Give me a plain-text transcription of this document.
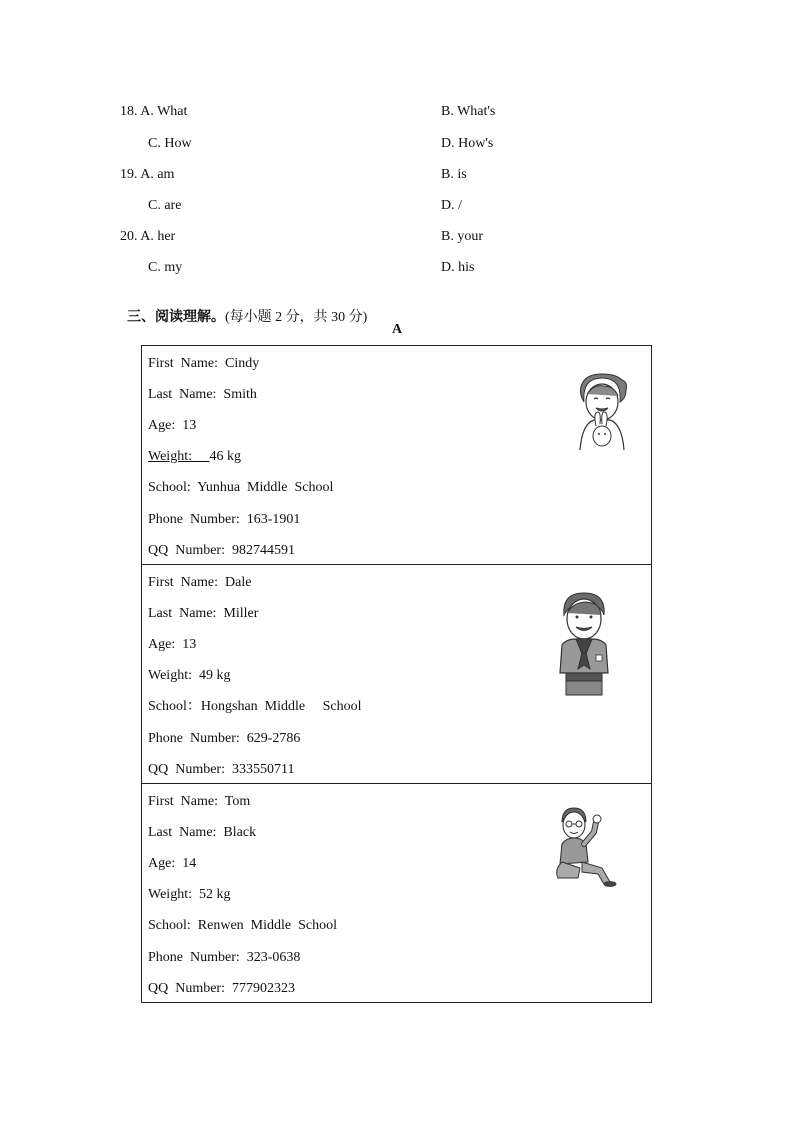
18. A. What	B. What's
C. How	D. How's
19. A. am	B. is
C. are	D. /
20. A. her	B. your
C. my	D. his

三、阅读理解。(每小题 2 分，共 30 分)

A
First  Name:  Cindy
Last  Name:  Smith
Age:  13
Weight:     46 kg
School:  Yunhua  Middle  School
Phone  Number:  163-1901
QQ  Number:  982744591
First  Name:  Dale
Last  Name:  Miller
Age:  13
Weight:  49 kg
School：Hongshan  Middle     School
Phone  Number:  629-2786
QQ  Number:  333550711
First  Name:  Tom
Last  Name:  Black
Age:  14
Weight:  52 kg
School:  Renwen  Middle  School
Phone  Number:  323-0638
QQ  Number:  777902323
